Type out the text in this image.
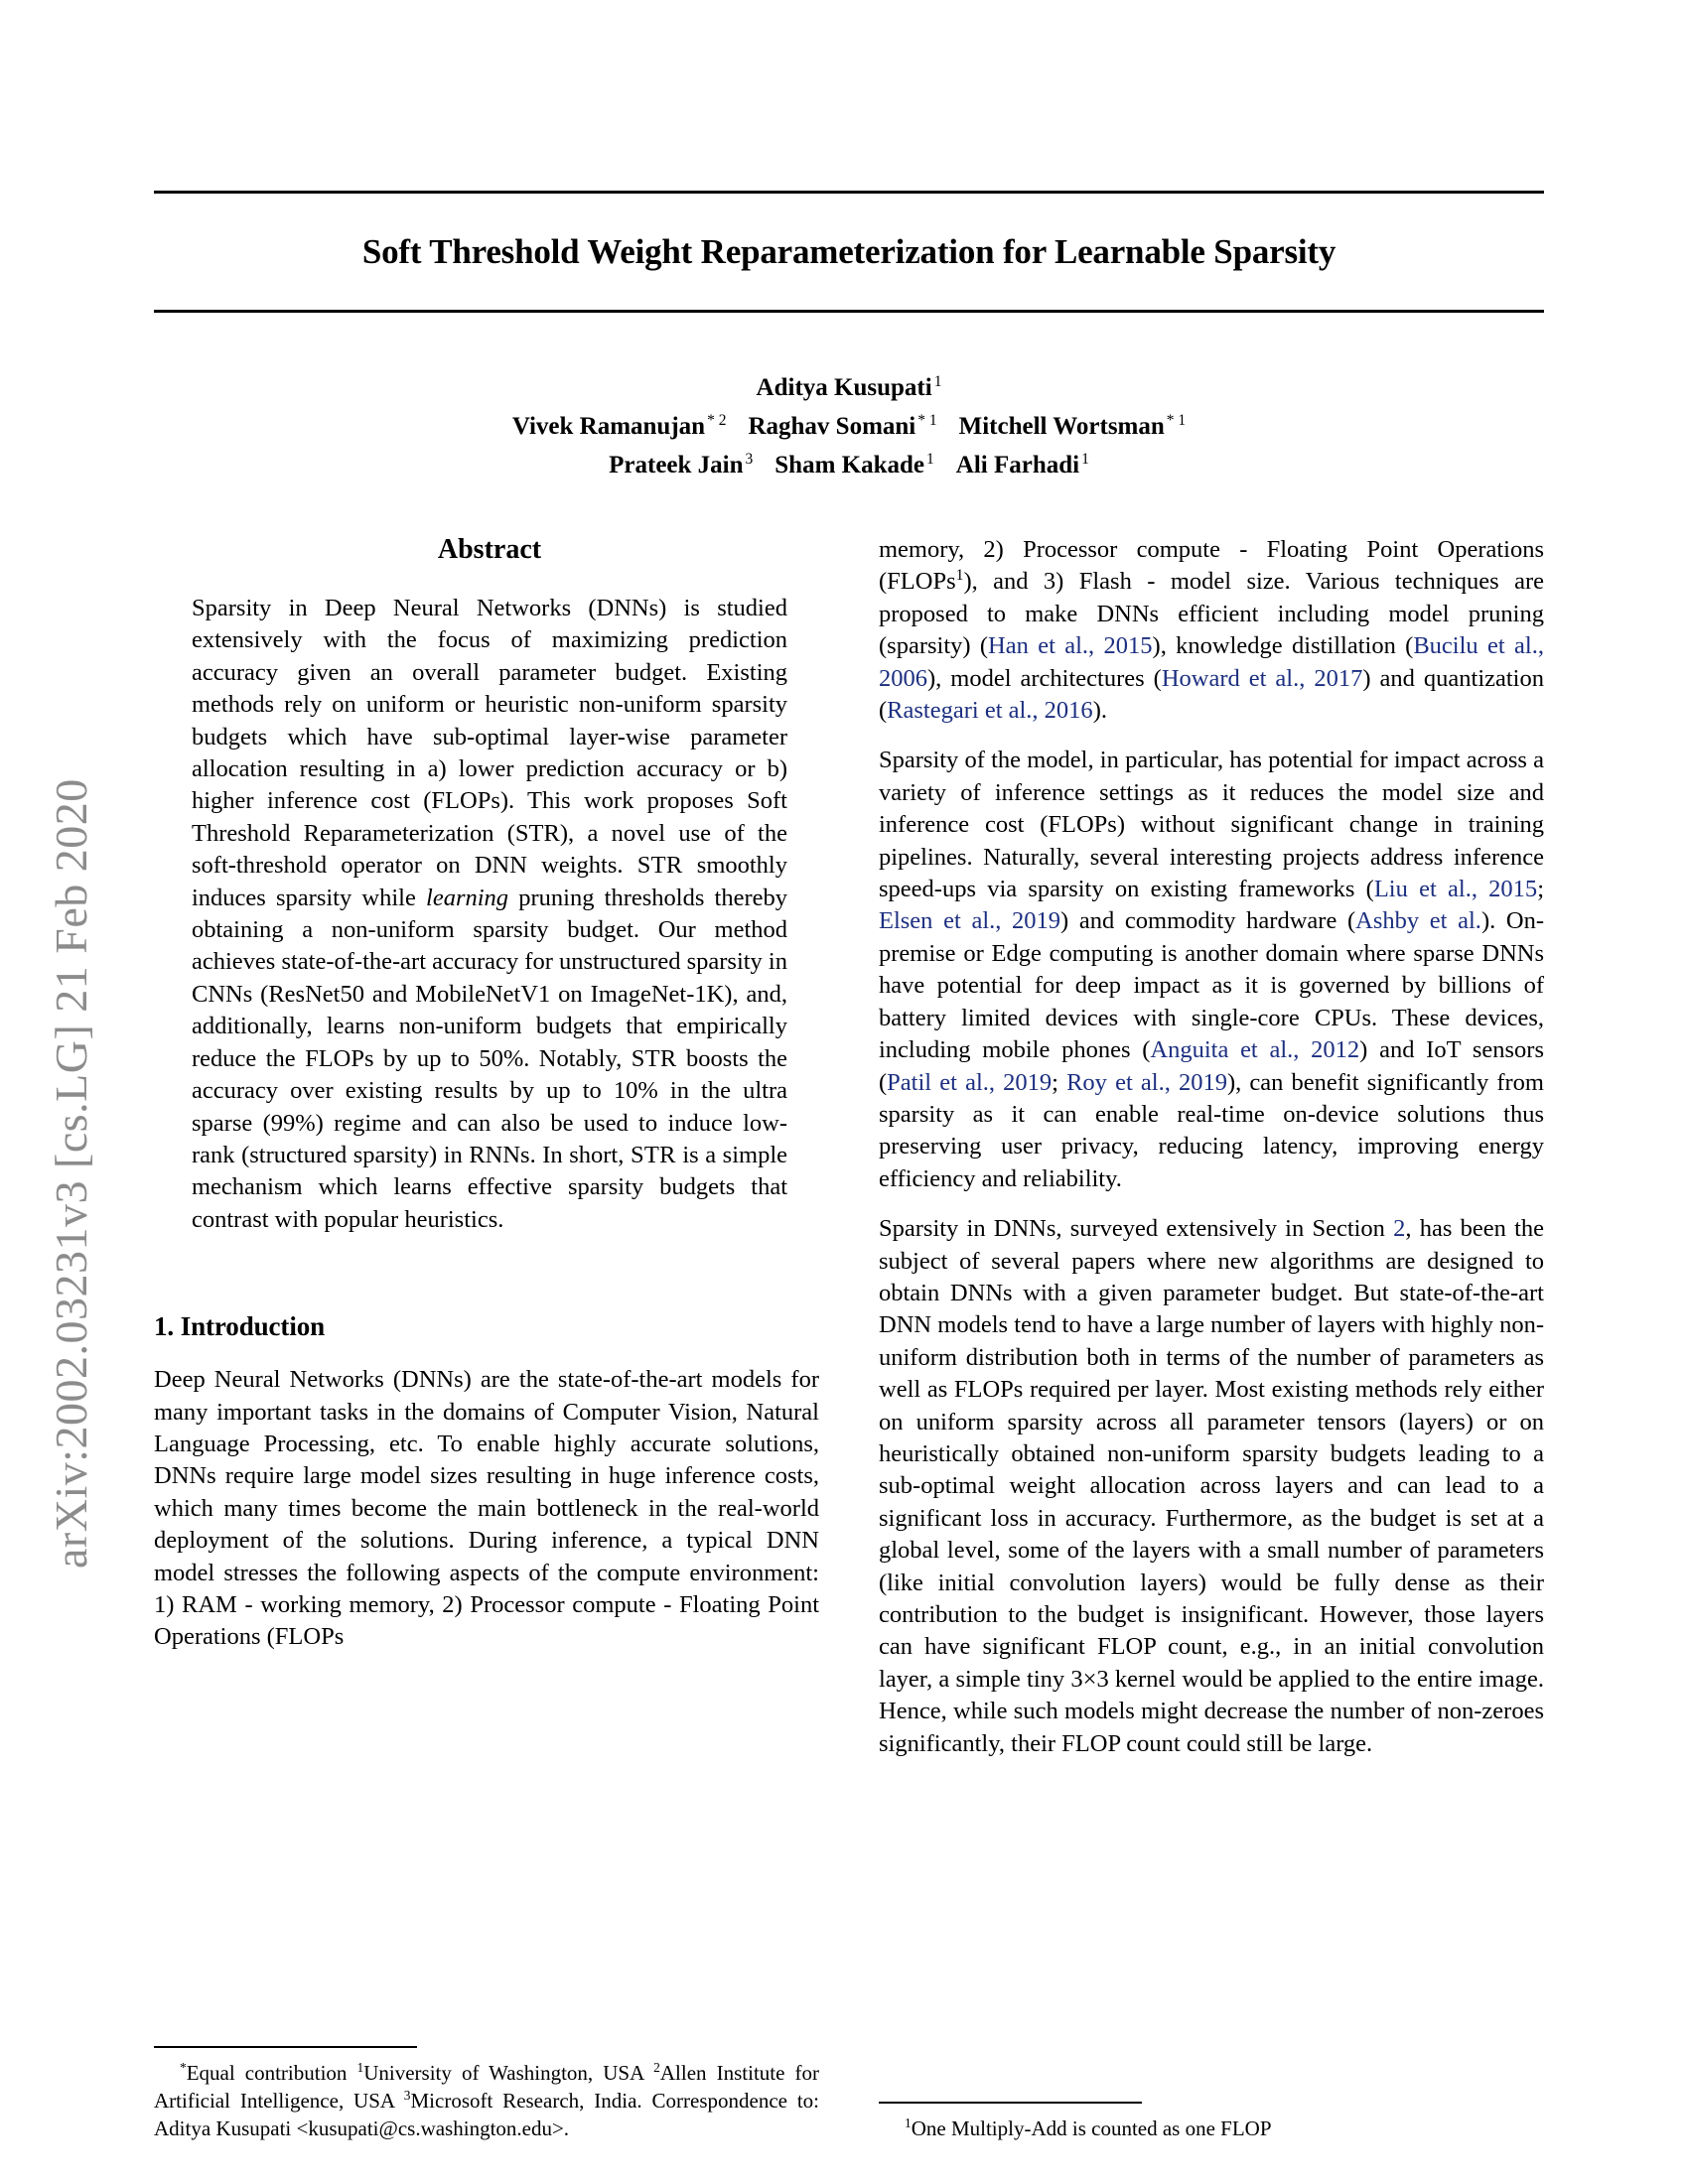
arXiv:2002.03231v3 [cs.LG] 21 Feb 2020
Soft Threshold Weight Reparameterization for Learnable Sparsity
Aditya Kusupati $^1$
Vivek Ramanujan $^{* 2}$ Raghav Somani $^{* 1}$ Mitchell Wortsman $^{* 1}$
Prateek Jain $^3$ Sham Kakade $^1$ Ali Farhadi $^1$
Abstract

Sparsity in Deep Neural Networks (DNNs) is studied extensively with the focus of maximizing prediction accuracy given an overall parameter budget. Existing methods rely on uniform or heuristic non-uniform sparsity budgets which have sub-optimal layer-wise parameter allocation resulting in a) lower prediction accuracy or b) higher inference cost (FLOPs). This work proposes Soft Threshold Reparameterization (STR), a novel use of the soft-threshold operator on DNN weights. STR smoothly induces sparsity while learning pruning thresholds thereby obtaining a non-uniform sparsity budget. Our method achieves state-of-the-art accuracy for unstructured sparsity in CNNs (ResNet50 and MobileNetV1 on ImageNet-1K), and, additionally, learns non-uniform budgets that empirically reduce the FLOPs by up to 50%. Notably, STR boosts the accuracy over existing results by up to 10% in the ultra sparse (99%) regime and can also be used to induce low-rank (structured sparsity) in RNNs. In short, STR is a simple mechanism which learns effective sparsity budgets that contrast with popular heuristics.

1. Introduction

Deep Neural Networks (DNNs) are the state-of-the-art models for many important tasks in the domains of Computer Vision, Natural Language Processing, etc. To enable highly accurate solutions, DNNs require large model sizes resulting in huge inference costs, which many times become the main bottleneck in the real-world deployment of the solutions. During inference, a typical DNN model stresses the following aspects of the compute environment: 1) RAM - working memory, 2) Processor compute - Floating Point Operations (FLOPs

*Equal contribution $^1$University of Washington, USA $^2$Allen Institute for Artificial Intelligence, USA $^3$Microsoft Research, India. Correspondence to: Aditya Kusupati <kusupati@cs.washington.edu>.

memory, 2) Processor compute - Floating Point Operations (FLOPs$^1$), and 3) Flash - model size. Various techniques are proposed to make DNNs efficient including model pruning (sparsity) (Han et al., 2015), knowledge distillation (Bucilu et al., 2006), model architectures (Howard et al., 2017) and quantization (Rastegari et al., 2016).

Sparsity of the model, in particular, has potential for impact across a variety of inference settings as it reduces the model size and inference cost (FLOPs) without significant change in training pipelines. Naturally, several interesting projects address inference speed-ups via sparsity on existing frameworks (Liu et al., 2015; Elsen et al., 2019) and commodity hardware (Ashby et al.). On-premise or Edge computing is another domain where sparse DNNs have potential for deep impact as it is governed by billions of battery limited devices with single-core CPUs. These devices, including mobile phones (Anguita et al., 2012) and IoT sensors (Patil et al., 2019; Roy et al., 2019), can benefit significantly from sparsity as it can enable real-time on-device solutions thus preserving user privacy, reducing latency, improving energy efficiency and reliability.

Sparsity in DNNs, surveyed extensively in Section 2, has been the subject of several papers where new algorithms are designed to obtain DNNs with a given parameter budget. But state-of-the-art DNN models tend to have a large number of layers with highly non-uniform distribution both in terms of the number of parameters as well as FLOPs required per layer. Most existing methods rely either on uniform sparsity across all parameter tensors (layers) or on heuristically obtained non-uniform sparsity budgets leading to a sub-optimal weight allocation across layers and can lead to a significant loss in accuracy. Furthermore, as the budget is set at a global level, some of the layers with a small number of parameters (like initial convolution layers) would be fully dense as their contribution to the budget is insignificant. However, those layers can have significant FLOP count, e.g., in an initial convolution layer, a simple tiny 3×3 kernel would be applied to the entire image. Hence, while such models might decrease the number of non-zeroes significantly, their FLOP count could still be large.

$^1$One Multiply-Add is counted as one FLOP
